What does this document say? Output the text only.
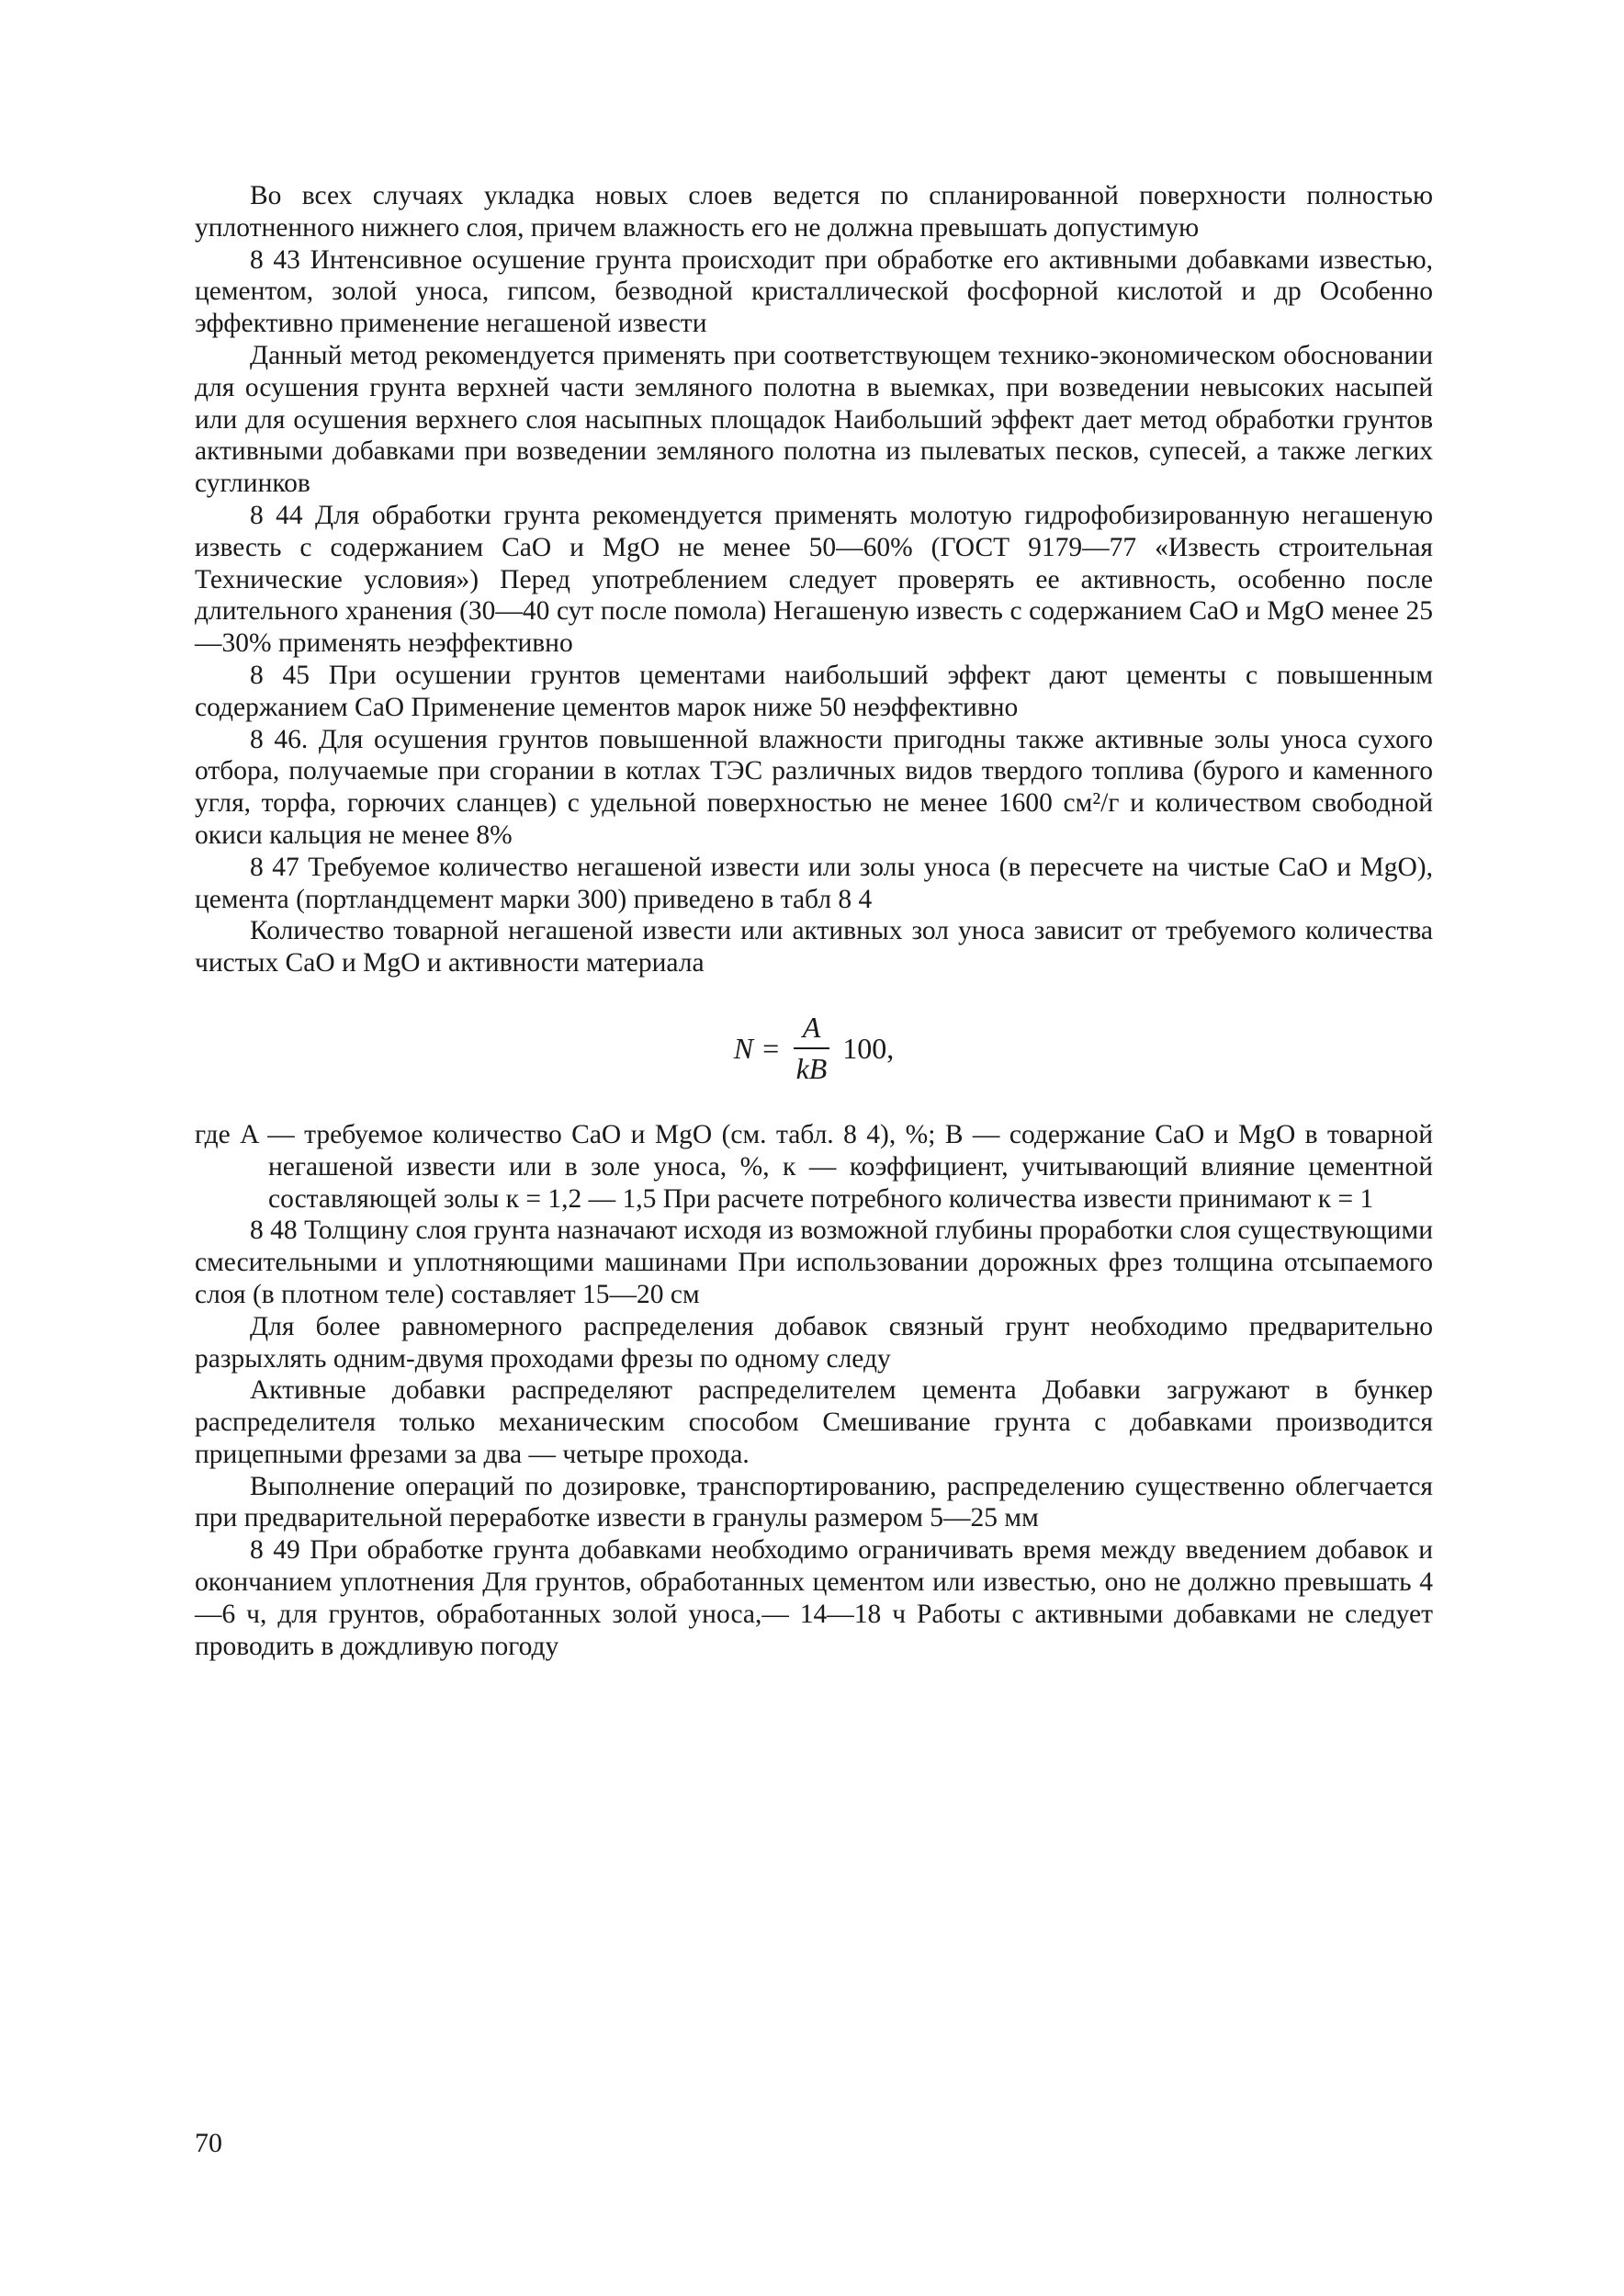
Во всех случаях укладка новых слоев ведется по спланированной поверхности полностью уплотненного нижнего слоя, причем влажность его не должна превышать допустимую

8 43 Интенсивное осушение грунта происходит при обработке его активными добавками известью, цементом, золой уноса, гипсом, безводной кристаллической фосфорной кислотой и др Особенно эффективно применение негашеной извести

Данный метод рекомендуется применять при соответствующем технико-экономическом обосновании для осушения грунта верхней части земляного полотна в выемках, при возведении невысоких насыпей или для осушения верхнего слоя насыпных площадок Наибольший эффект дает метод обработки грунтов активными добавками при возведении земляного полотна из пылеватых песков, супесей, а также легких суглинков

8 44 Для обработки грунта рекомендуется применять молотую гидрофобизированную негашеную известь с содержанием CaO и MgO не менее 50—60% (ГОСТ 9179—77 «Известь строительная Технические условия») Перед употреблением следует проверять ее активность, особенно после длительного хранения (30—40 сут после помола) Негашеную известь с содержанием CaO и MgO менее 25—30% применять неэффективно

8 45 При осушении грунтов цементами наибольший эффект дают цементы с повышенным содержанием CaO Применение цементов марок ниже 50 неэффективно

8 46. Для осушения грунтов повышенной влажности пригодны также активные золы уноса сухого отбора, получаемые при сгорании в котлах ТЭС различных видов твердого топлива (бурого и каменного угля, торфа, горючих сланцев) с удельной поверхностью не менее 1600 см²/г и количеством свободной окиси кальция не менее 8%

8 47 Требуемое количество негашеной извести или золы уноса (в пересчете на чистые CaO и MgO), цемента (портландцемент марки 300) приведено в табл 8 4

Количество товарной негашеной извести или активных зол уноса зависит от требуемого количества чистых CaO и MgO и активности материала

$N = \frac{A}{kB} 100$,

где A — требуемое количество CaO и MgO (см. табл. 8 4), %; B — содержание CaO и MgO в товарной негашеной извести или в золе уноса, %, к — коэффициент, учитывающий влияние цементной составляющей золы к = 1,2 — 1,5 При расчете потребного количества извести принимают к = 1

8 48 Толщину слоя грунта назначают исходя из возможной глубины проработки слоя существующими смесительными и уплотняющими машинами При использовании дорожных фрез толщина отсыпаемого слоя (в плотном теле) составляет 15—20 см

Для более равномерного распределения добавок связный грунт необходимо предварительно разрыхлять одним-двумя проходами фрезы по одному следу

Активные добавки распределяют распределителем цемента Добавки загружают в бункер распределителя только механическим способом Смешивание грунта с добавками производится прицепными фрезами за два — четыре прохода.

Выполнение операций по дозировке, транспортированию, распределению существенно облегчается при предварительной переработке извести в гранулы размером 5—25 мм

8 49 При обработке грунта добавками необходимо ограничивать время между введением добавок и окончанием уплотнения Для грунтов, обработанных цементом или известью, оно не должно превышать 4—6 ч, для грунтов, обработанных золой уноса,— 14—18 ч Работы с активными добавками не следует проводить в дождливую погоду

70
